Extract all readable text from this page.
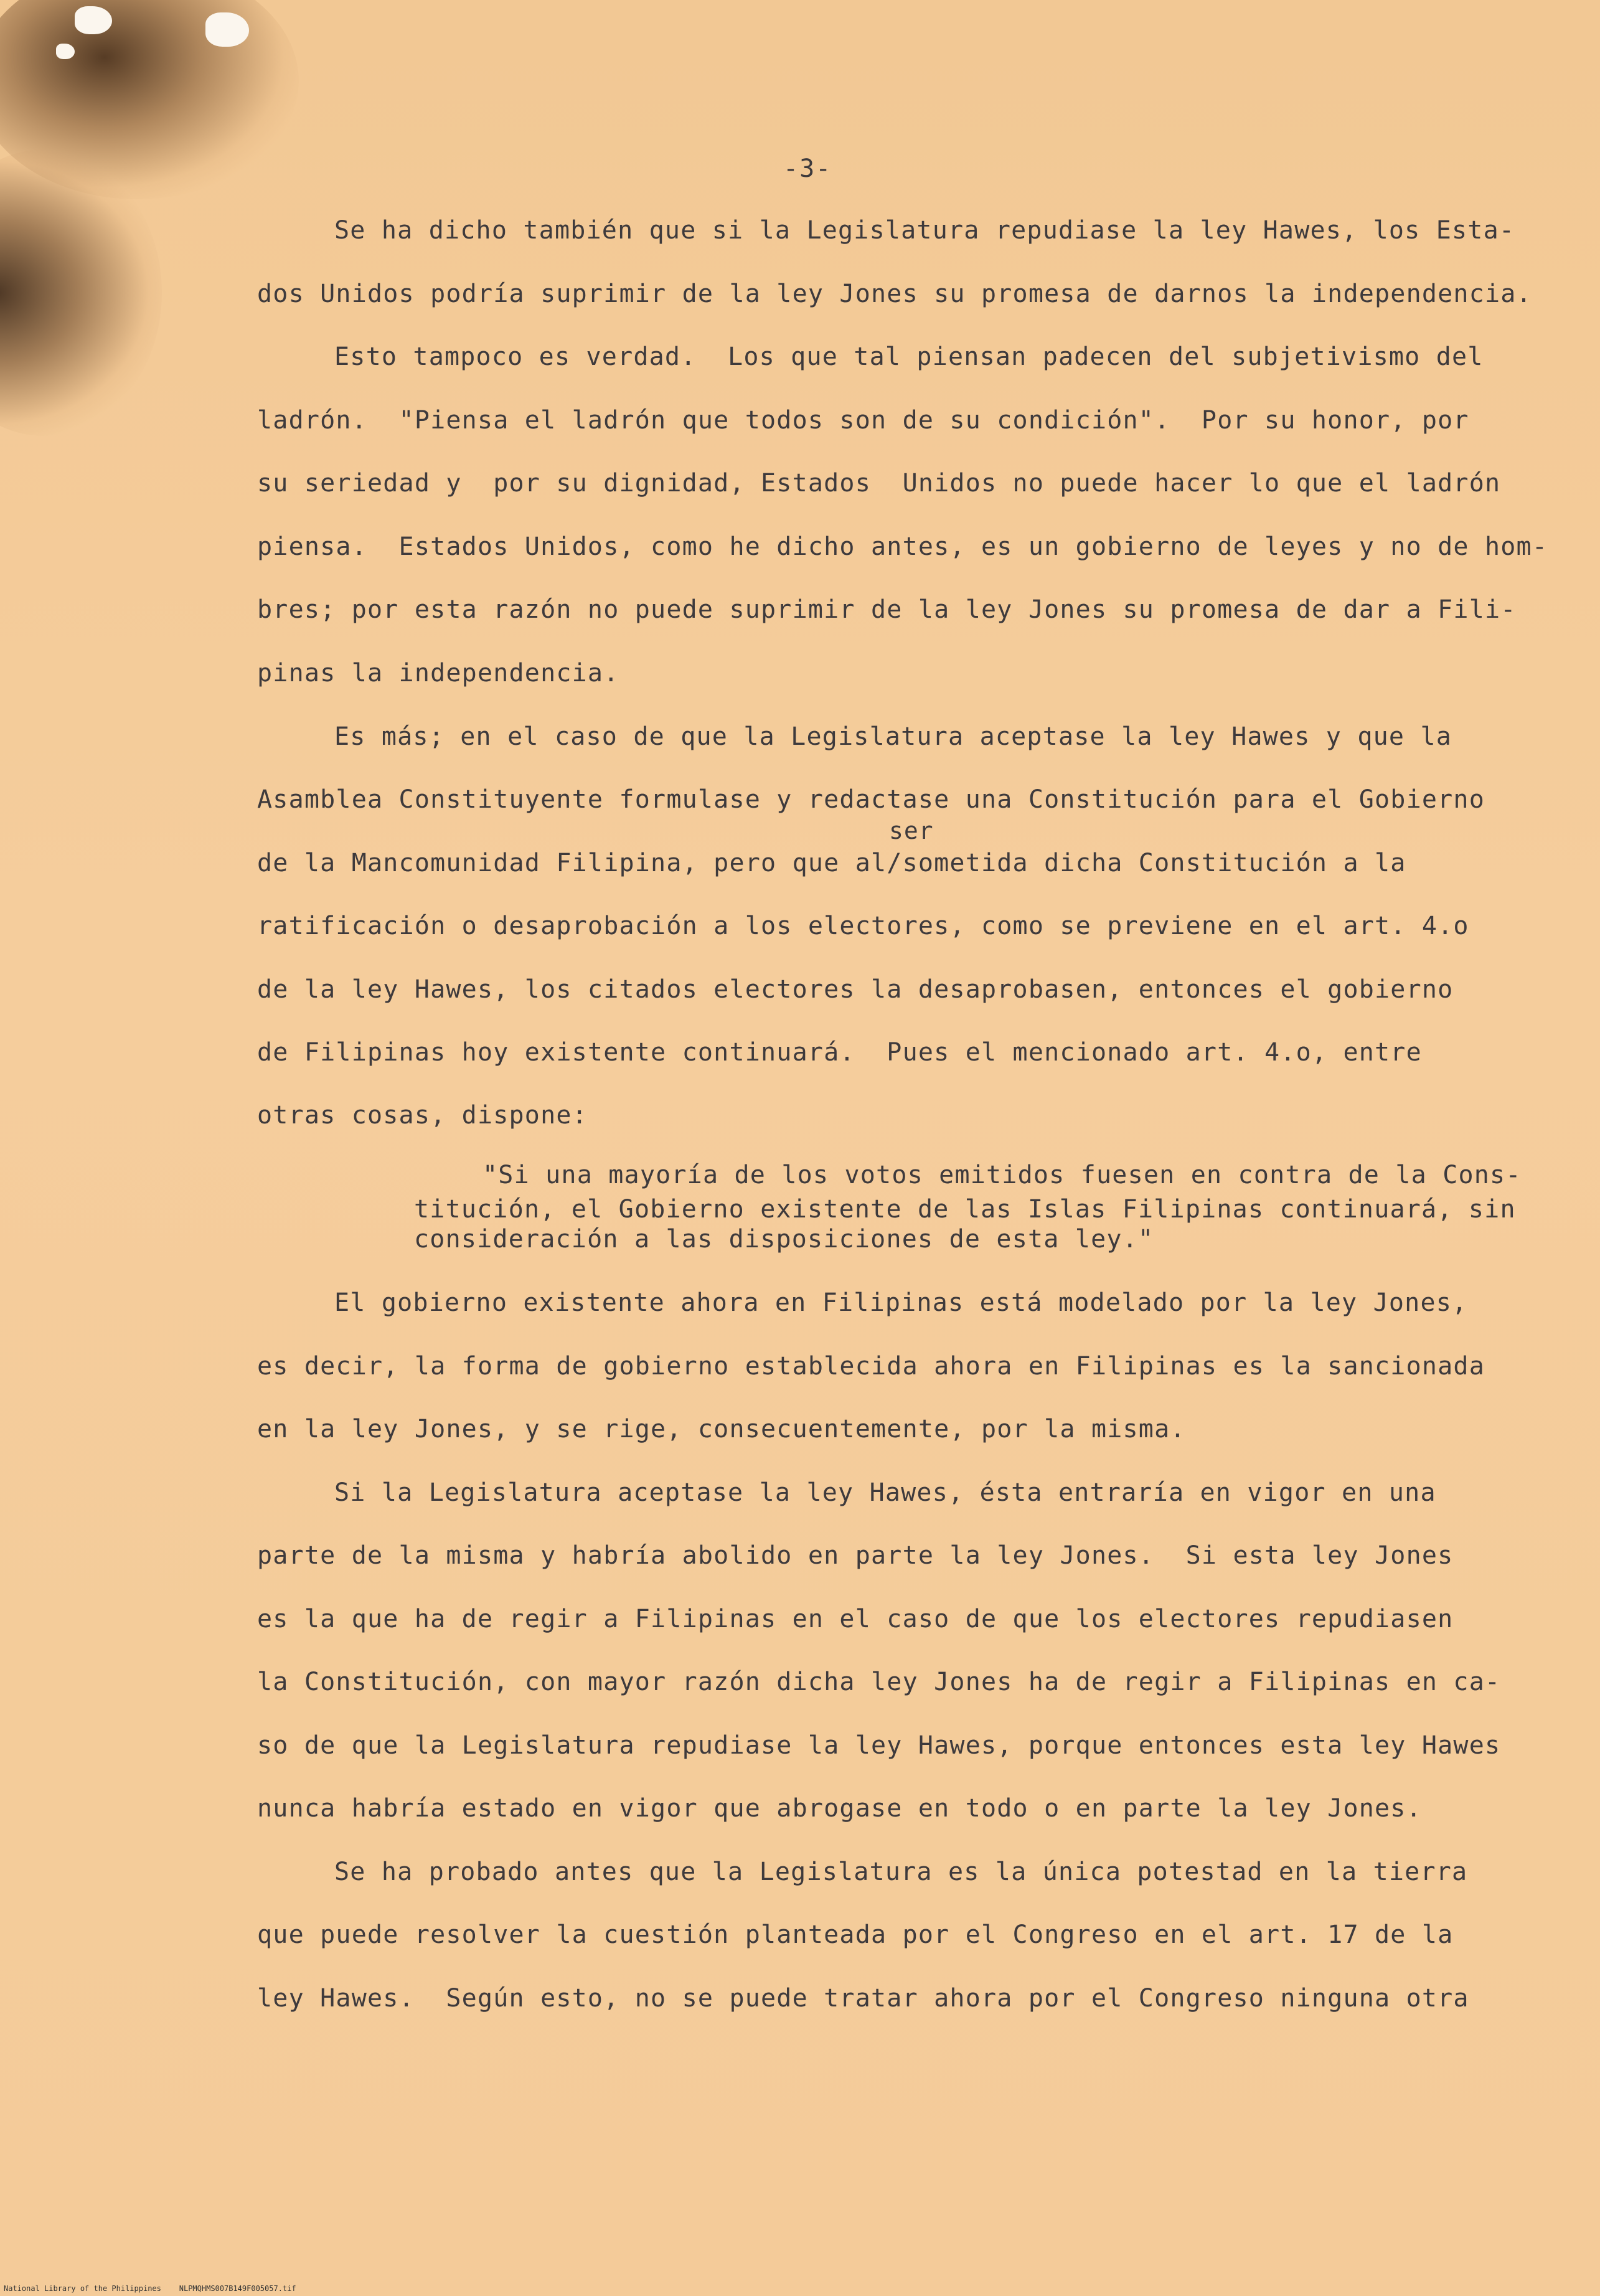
-3-
Se ha dicho también que si la Legislatura repudiase la ley Hawes, los Esta-
dos Unidos podría suprimir de la ley Jones su promesa de darnos la independencia.
Esto tampoco es verdad.  Los que tal piensan padecen del subjetivismo del
ladrón.  "Piensa el ladrón que todos son de su condición".  Por su honor, por
su seriedad y  por su dignidad, Estados  Unidos no puede hacer lo que el ladrón
piensa.  Estados Unidos, como he dicho antes, es un gobierno de leyes y no de hom-
bres; por esta razón no puede suprimir de la ley Jones su promesa de dar a Fili-
pinas la independencia.
Es más; en el caso de que la Legislatura aceptase la ley Hawes y que la
Asamblea Constituyente formulase y redactase una Constitución para el Gobierno
ser
de la Mancomunidad Filipina, pero que al/sometida dicha Constitución a la
ratificación o desaprobación a los electores, como se previene en el art. 4.o
de la ley Hawes, los citados electores la desaprobasen, entonces el gobierno
de Filipinas hoy existente continuará.  Pues el mencionado art. 4.o, entre
otras cosas, dispone:
"Si una mayoría de los votos emitidos fuesen en contra de la Cons-
titución, el Gobierno existente de las Islas Filipinas continuará, sin
consideración a las disposiciones de esta ley."
El gobierno existente ahora en Filipinas está modelado por la ley Jones,
es decir, la forma de gobierno establecida ahora en Filipinas es la sancionada
en la ley Jones, y se rige, consecuentemente, por la misma.
Si la Legislatura aceptase la ley Hawes, ésta entraría en vigor en una
parte de la misma y habría abolido en parte la ley Jones.  Si esta ley Jones
es la que ha de regir a Filipinas en el caso de que los electores repudiasen
la Constitución, con mayor razón dicha ley Jones ha de regir a Filipinas en ca-
so de que la Legislatura repudiase la ley Hawes, porque entonces esta ley Hawes
nunca habría estado en vigor que abrogase en todo o en parte la ley Jones.
Se ha probado antes que la Legislatura es la única potestad en la tierra
que puede resolver la cuestión planteada por el Congreso en el art. 17 de la
ley Hawes.  Según esto, no se puede tratar ahora por el Congreso ninguna otra
National Library of the Philippines    NLPMQHMS007B149F005057.tif
